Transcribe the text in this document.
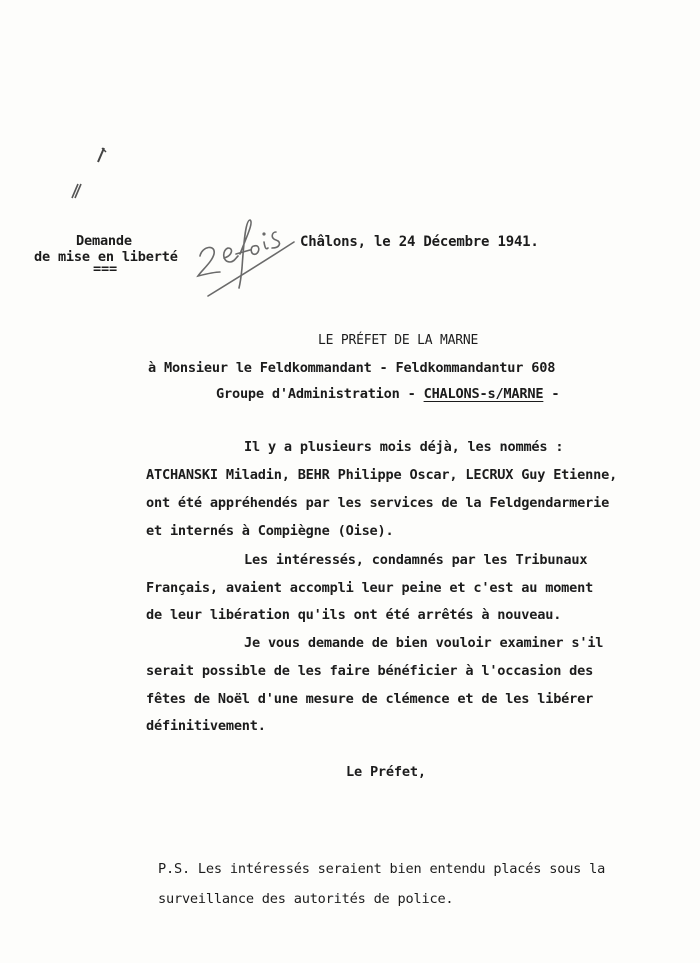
Demande
de mise en liberté
===
Châlons, le 24 Décembre 1941.
LE PRÉFET DE LA MARNE
à Monsieur le Feldkommandant - Feldkommandantur 608
Groupe d'Administration - CHALONS-s/MARNE -
Il y a plusieurs mois déjà, les nommés :
ATCHANSKI Miladin, BEHR Philippe Oscar, LECRUX Guy Etienne,
ont été appréhendés par les services de la Feldgendarmerie
et internés à Compiègne (Oise).
Les intéressés, condamnés par les Tribunaux
Français, avaient accompli leur peine et c'est au moment
de leur libération qu'ils ont été arrêtés à nouveau.
Je vous demande de bien vouloir examiner s'il
serait possible de les faire bénéficier à l'occasion des
fêtes de Noël d'une mesure de clémence et de les libérer
définitivement.
Le Préfet,
P.S. Les intéressés seraient bien entendu placés sous la
surveillance des autorités de police.
